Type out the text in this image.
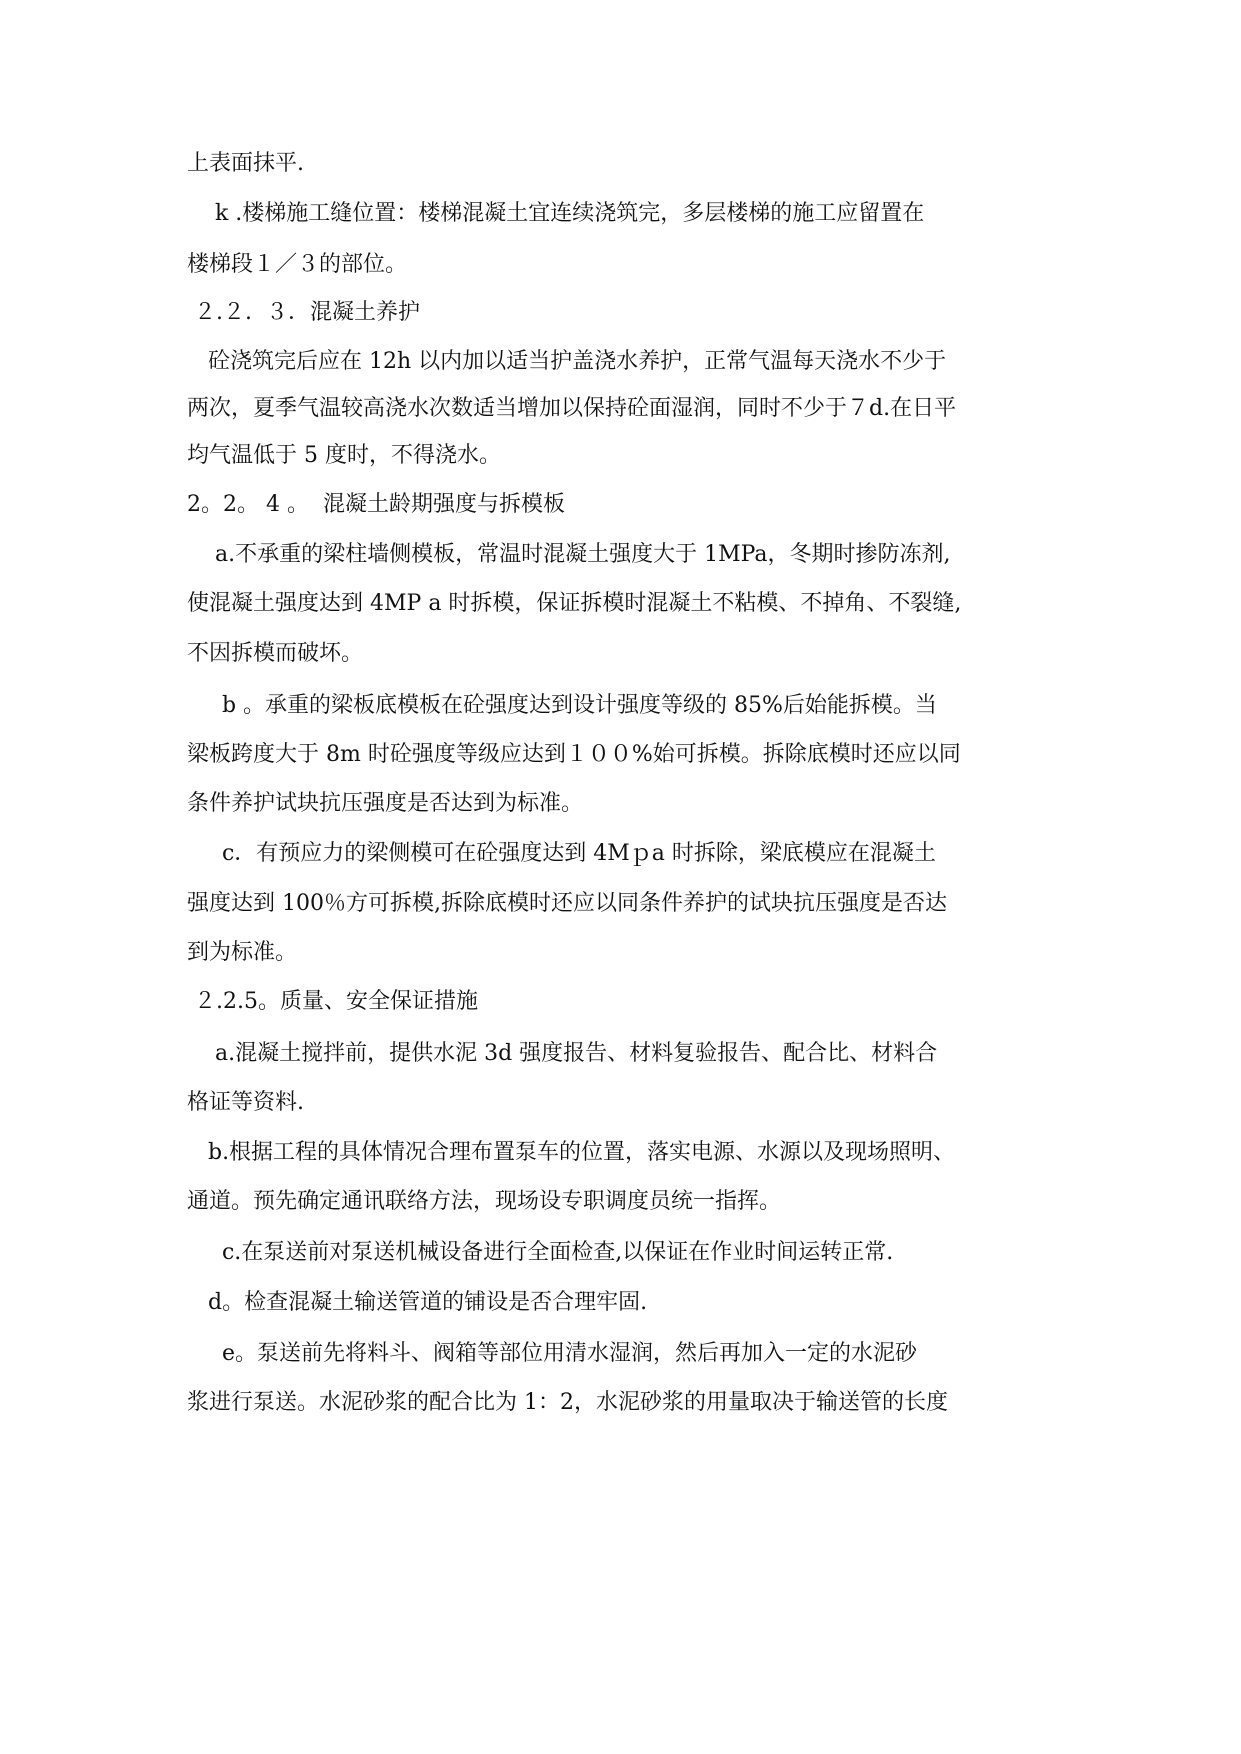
上表面抹平.
k .楼梯施工缝位置：楼梯混凝土宜连续浇筑完，多层楼梯的施工应留置在
楼梯段１／３的部位。
２.２.  ３．混凝土养护
砼浇筑完后应在 12h 以内加以适当护盖浇水养护，正常气温每天浇水不少于
两次，夏季气温较高浇水次数适当增加以保持砼面湿润，同时不少于７d.在日平
均气温低于 5 度时，不得浇水。
2。2。 4 。  混凝土龄期强度与拆模板
a.不承重的梁柱墙侧模板，常温时混凝土强度大于 1MPa，冬期时掺防冻剂,
使混凝土强度达到 4MP a 时拆模，保证拆模时混凝土不粘模、不掉角、不裂缝,
不因拆模而破坏。
b 。承重的梁板底模板在砼强度达到设计强度等级的 85%后始能拆模。当
梁板跨度大于 8m 时砼强度等级应达到１００%始可拆模。拆除底模时还应以同
条件养护试块抗压强度是否达到为标准。
c．有预应力的梁侧模可在砼强度达到 4Mｐa 时拆除，梁底模应在混凝土
强度达到 100％方可拆模,拆除底模时还应以同条件养护的试块抗压强度是否达
到为标准。
２.2.5。质量、安全保证措施
a.混凝土搅拌前，提供水泥 3d 强度报告、材料复验报告、配合比、材料合
格证等资料.
b.根据工程的具体情况合理布置泵车的位置，落实电源、水源以及现场照明、
通道。预先确定通讯联络方法，现场设专职调度员统一指挥。
c.在泵送前对泵送机械设备进行全面检查,以保证在作业时间运转正常.
d。检查混凝土输送管道的铺设是否合理牢固.
e。泵送前先将料斗、阀箱等部位用清水湿润，然后再加入一定的水泥砂
浆进行泵送。水泥砂浆的配合比为 1：2，水泥砂浆的用量取决于输送管的长度
